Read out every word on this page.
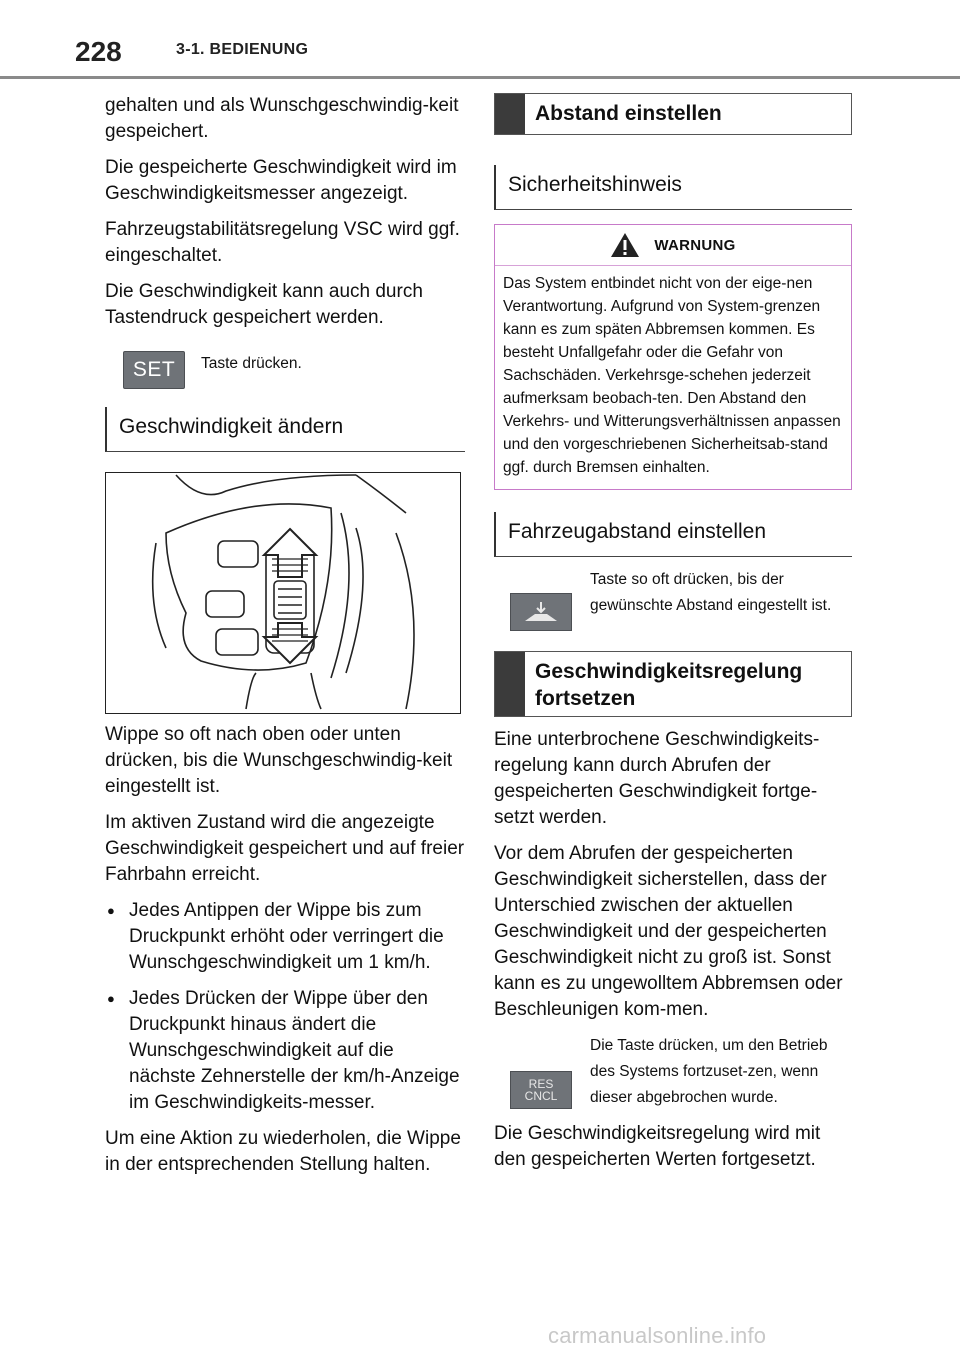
228	3-1. BEDIENUNG

gehalten und als Wunschgeschwindig-keit gespeichert.

Die gespeicherte Geschwindigkeit wird im Geschwindigkeitsmesser angezeigt.

Fahrzeugstabilitätsregelung VSC wird ggf. eingeschaltet.

Die Geschwindigkeit kann auch durch Tastendruck gespeichert werden.

SET	Taste drücken.
Geschwindigkeit ändern

Wippe so oft nach oben oder unten drücken, bis die Wunschgeschwindig-keit eingestellt ist.

Im aktiven Zustand wird die angezeigte Geschwindigkeit gespeichert und auf freier Fahrbahn erreicht.

● Jedes Antippen der Wippe bis zum Druckpunkt erhöht oder verringert die Wunschgeschwindigkeit um 1 km/h.
● Jedes Drücken der Wippe über den Druckpunkt hinaus ändert die Wunschgeschwindigkeit auf die nächste Zehnerstelle der km/h-Anzeige im Geschwindigkeits-messer.

Um eine Aktion zu wiederholen, die Wippe in der entsprechenden Stellung halten.

Abstand einstellen
Sicherheitshinweis
WARNUNG
Das System entbindet nicht von der eige-nen Verantwortung. Aufgrund von System-grenzen kann es zum späten Abbremsen kommen. Es besteht Unfallgefahr oder die Gefahr von Sachschäden. Verkehrsge-schehen jederzeit aufmerksam beobach-ten. Den Abstand den Verkehrs- und Witterungsverhältnissen anpassen und den vorgeschriebenen Sicherheitsab-stand ggf. durch Bremsen einhalten.
Fahrzeugabstand einstellen
Taste so oft drücken, bis der gewünschte Abstand eingestellt ist.
Geschwindigkeitsregelung fortsetzen

Eine unterbrochene Geschwindigkeits-regelung kann durch Abrufen der gespeicherten Geschwindigkeit fortge-setzt werden.

Vor dem Abrufen der gespeicherten Geschwindigkeit sicherstellen, dass der Unterschied zwischen der aktuellen Geschwindigkeit und der gespeicherten Geschwindigkeit nicht zu groß ist. Sonst kann es zu ungewolltem Abbremsen oder Beschleunigen kom-men.

RES
CNCL
Die Taste drücken, um den Betrieb des Systems fortzuset-zen, wenn dieser abgebrochen wurde.

Die Geschwindigkeitsregelung wird mit den gespeicherten Werten fortgesetzt.

carmanualsonline.info
